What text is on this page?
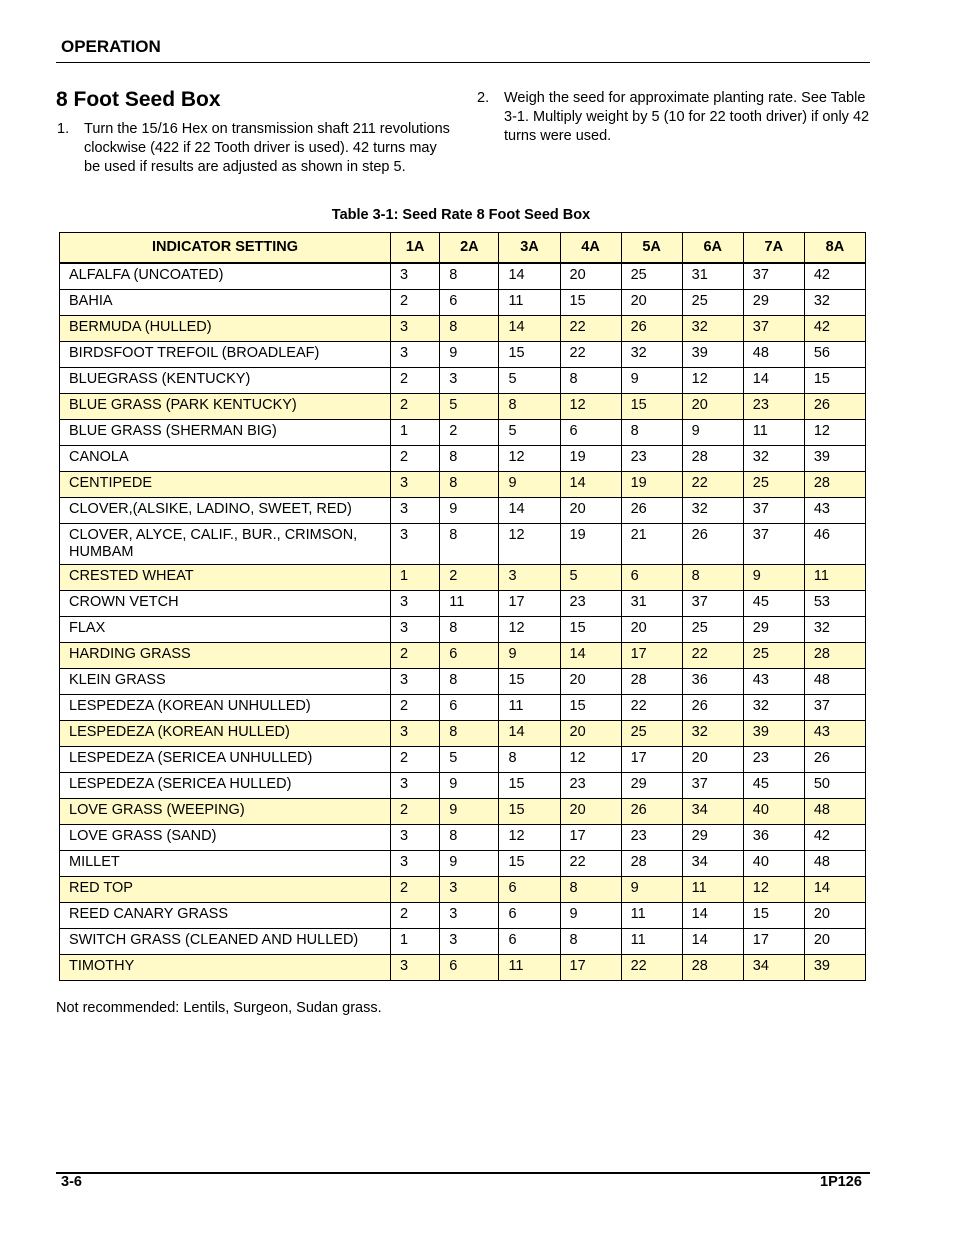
OPERATION
8 Foot Seed Box
1. Turn the 15/16 Hex on transmission shaft 211 revolutions clockwise (422 if 22 Tooth driver is used). 42 turns may be used if results are adjusted as shown in step 5.
2. Weigh the seed for approximate planting rate. See Table 3-1. Multiply weight by 5 (10 for 22 tooth driver) if only 42 turns were used.
Table 3-1: Seed Rate 8 Foot Seed Box
INDICATOR SETTING	1A	2A	3A	4A	5A	6A	7A	8A
ALFALFA (UNCOATED)	3	8	14	20	25	31	37	42
BAHIA	2	6	11	15	20	25	29	32
BERMUDA (HULLED)	3	8	14	22	26	32	37	42
BIRDSFOOT TREFOIL (BROADLEAF)	3	9	15	22	32	39	48	56
BLUEGRASS (KENTUCKY)	2	3	5	8	9	12	14	15
BLUE GRASS (PARK KENTUCKY)	2	5	8	12	15	20	23	26
BLUE GRASS (SHERMAN BIG)	1	2	5	6	8	9	11	12
CANOLA	2	8	12	19	23	28	32	39
CENTIPEDE	3	8	9	14	19	22	25	28
CLOVER,(ALSIKE, LADINO, SWEET, RED)	3	9	14	20	26	32	37	43
CLOVER, ALYCE, CALIF., BUR., CRIMSON, HUMBAM	3	8	12	19	21	26	37	46
CRESTED WHEAT	1	2	3	5	6	8	9	11
CROWN VETCH	3	11	17	23	31	37	45	53
FLAX	3	8	12	15	20	25	29	32
HARDING GRASS	2	6	9	14	17	22	25	28
KLEIN GRASS	3	8	15	20	28	36	43	48
LESPEDEZA (KOREAN UNHULLED)	2	6	11	15	22	26	32	37
LESPEDEZA (KOREAN HULLED)	3	8	14	20	25	32	39	43
LESPEDEZA (SERICEA UNHULLED)	2	5	8	12	17	20	23	26
LESPEDEZA (SERICEA HULLED)	3	9	15	23	29	37	45	50
LOVE GRASS (WEEPING)	2	9	15	20	26	34	40	48
LOVE GRASS (SAND)	3	8	12	17	23	29	36	42
MILLET	3	9	15	22	28	34	40	48
RED TOP	2	3	6	8	9	11	12	14
REED CANARY GRASS	2	3	6	9	11	14	15	20
SWITCH GRASS (CLEANED AND HULLED)	1	3	6	8	11	14	17	20
TIMOTHY	3	6	11	17	22	28	34	39
Not recommended: Lentils, Surgeon, Sudan grass.
3-6	1P126
